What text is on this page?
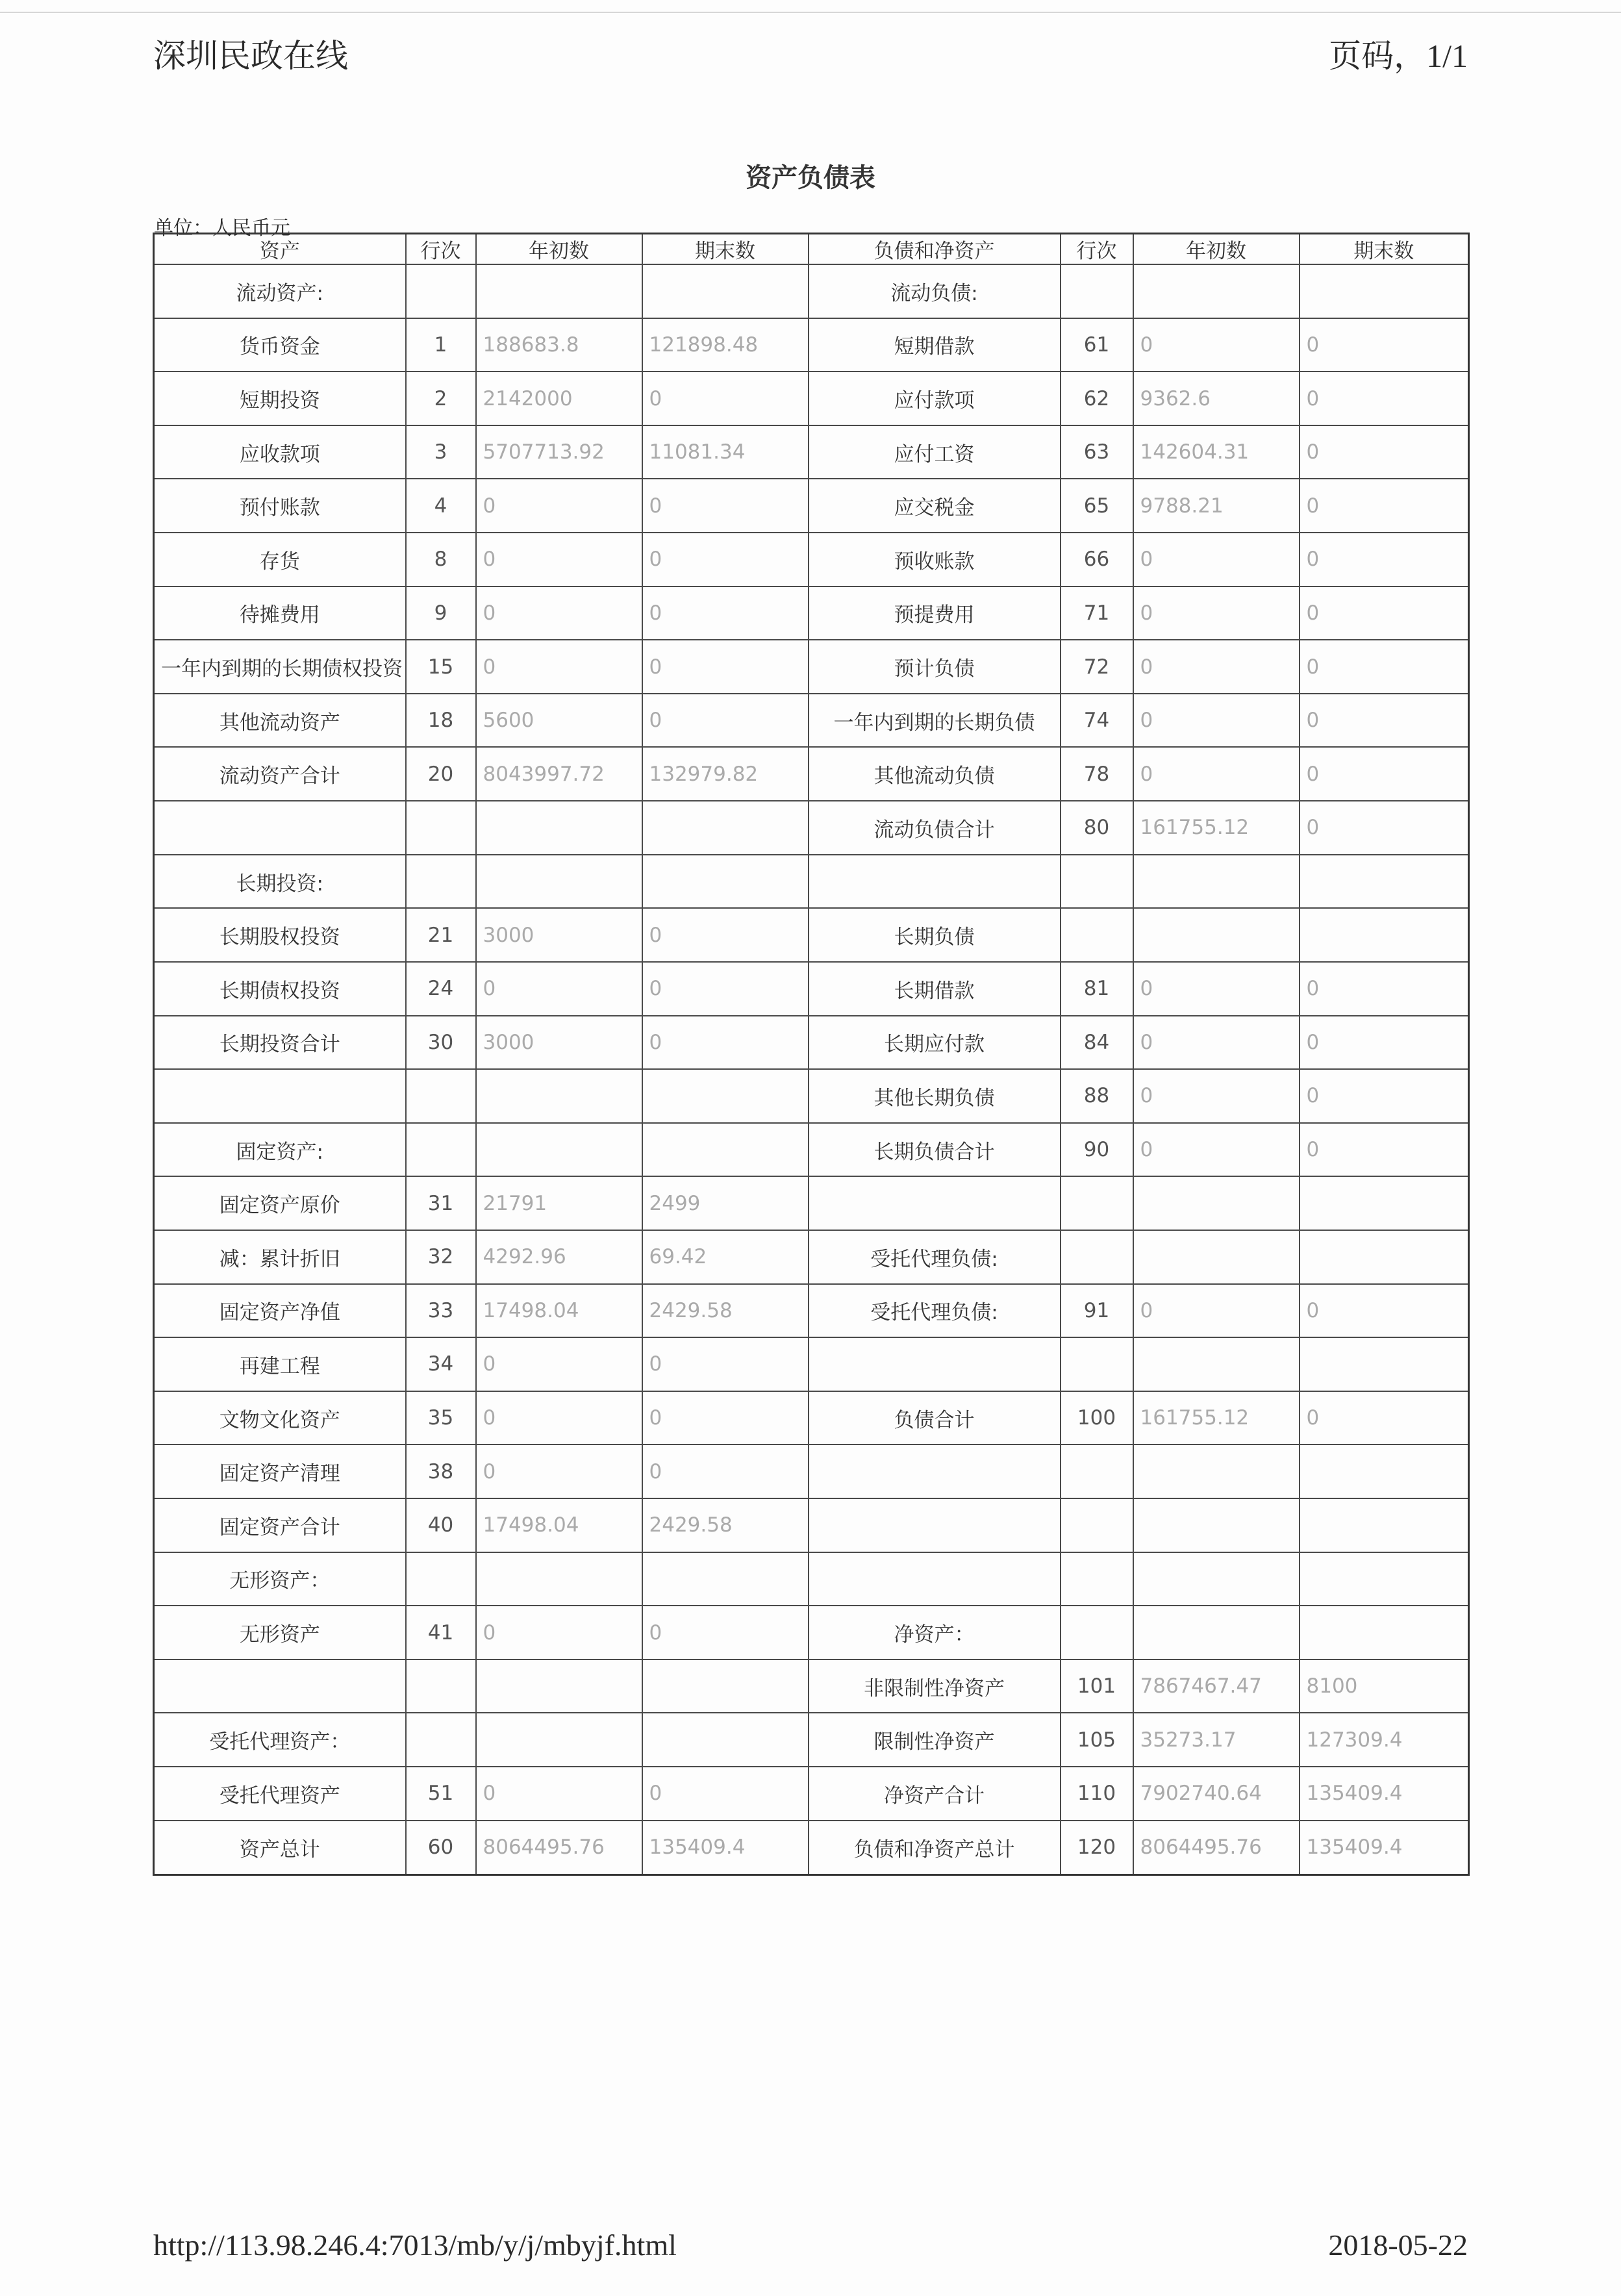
深圳民政在线	页码，1/1
资产负债表
单位：人民币元
资产	行次	年初数	期末数	负债和净资产	行次	年初数	期末数
流动资产:				流动负债:			
货币资金	1	188683.8	121898.48	短期借款	61	0	0
短期投资	2	2142000	0	应付款项	62	9362.6	0
应收款项	3	5707713.92	11081.34	应付工资	63	142604.31	0
预付账款	4	0	0	应交税金	65	9788.21	0
存货	8	0	0	预收账款	66	0	0
待摊费用	9	0	0	预提费用	71	0	0
一年内到期的长期债权投资	15	0	0	预计负债	72	0	0
其他流动资产	18	5600	0	一年内到期的长期负债	74	0	0
流动资产合计	20	8043997.72	132979.82	其他流动负债	78	0	0
				流动负债合计	80	161755.12	0
长期投资:							
长期股权投资	21	3000	0	长期负债			
长期债权投资	24	0	0	长期借款	81	0	0
长期投资合计	30	3000	0	长期应付款	84	0	0
				其他长期负债	88	0	0
固定资产:				长期负债合计	90	0	0
固定资产原价	31	21791	2499				
减：累计折旧	32	4292.96	69.42	受托代理负债:			
固定资产净值	33	17498.04	2429.58	受托代理负债:	91	0	0
再建工程	34	0	0				
文物文化资产	35	0	0	负债合计	100	161755.12	0
固定资产清理	38	0	0				
固定资产合计	40	17498.04	2429.58				
无形资产：							
无形资产	41	0	0	净资产：			
				非限制性净资产	101	7867467.47	8100
受托代理资产：				限制性净资产	105	35273.17	127309.4
受托代理资产	51	0	0	净资产合计	110	7902740.64	135409.4
资产总计	60	8064495.76	135409.4	负债和净资产总计	120	8064495.76	135409.4
http://113.98.246.4:7013/mb/y/j/mbyjf.html	2018-05-22
